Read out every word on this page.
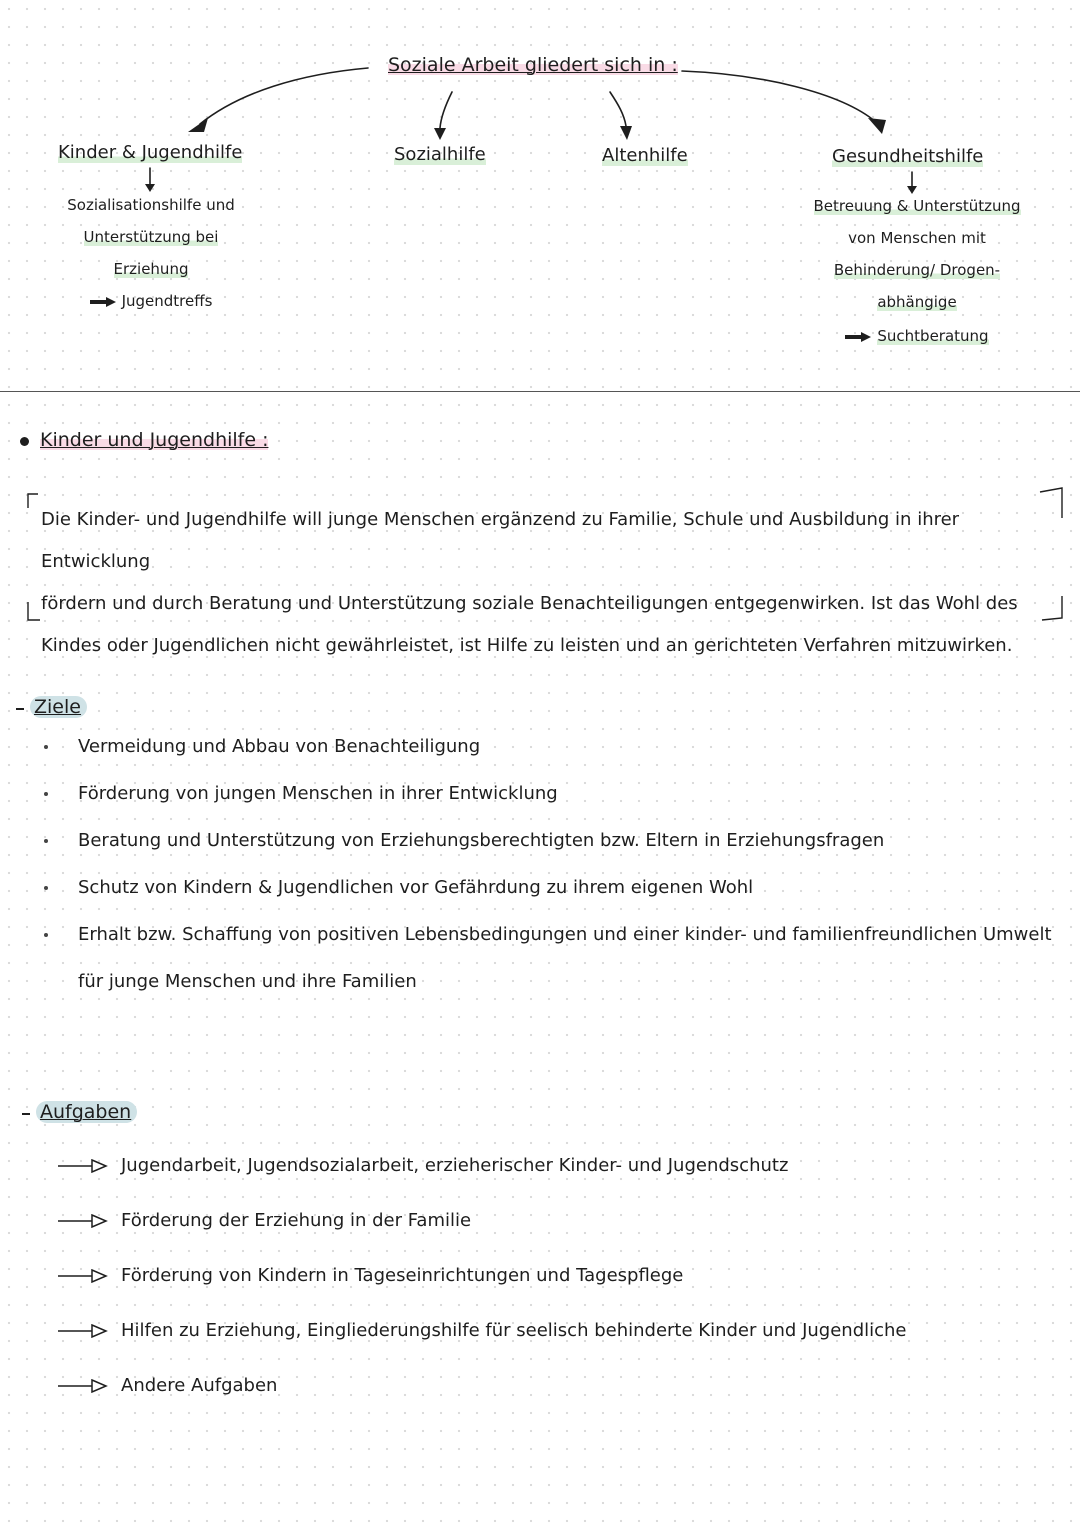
Soziale Arbeit gliedert sich in :
Kinder & Jugendhilfe
Sozialisationshilfe und
Unterstützung bei
Erziehung
Jugendtreffs
Sozialhilfe	Altenhilfe	Gesundheitshilfe
Betreuung & Unterstützung
von Menschen mit
Behinderung/ Drogen-
abhängige
Suchtberatung
Kinder und Jugendhilfe :
Die Kinder- und Jugendhilfe will junge Menschen ergänzend zu Familie, Schule und Ausbildung in ihrer Entwicklung
fördern und durch Beratung und Unterstützung soziale Benachteiligungen entgegenwirken. Ist das Wohl des
Kindes oder Jugendlichen nicht gewährleistet, ist Hilfe zu leisten und an gerichteten Verfahren mitzuwirken.
Ziele
Vermeidung und Abbau von Benachteiligung
Förderung von jungen Menschen in ihrer Entwicklung
Beratung und Unterstützung von Erziehungsberechtigten bzw. Eltern in Erziehungsfragen
Schutz von Kindern & Jugendlichen vor Gefährdung zu ihrem eigenen Wohl
Erhalt bzw. Schaffung von positiven Lebensbedingungen und einer kinder- und familienfreundlichen Umwelt
für junge Menschen und ihre Familien
Aufgaben
Jugendarbeit, Jugendsozialarbeit, erzieherischer Kinder- und Jugendschutz
Förderung der Erziehung in der Familie
Förderung von Kindern in Tageseinrichtungen und Tagespflege
Hilfen zu Erziehung, Eingliederungshilfe für seelisch behinderte Kinder und Jugendliche
Andere Aufgaben
